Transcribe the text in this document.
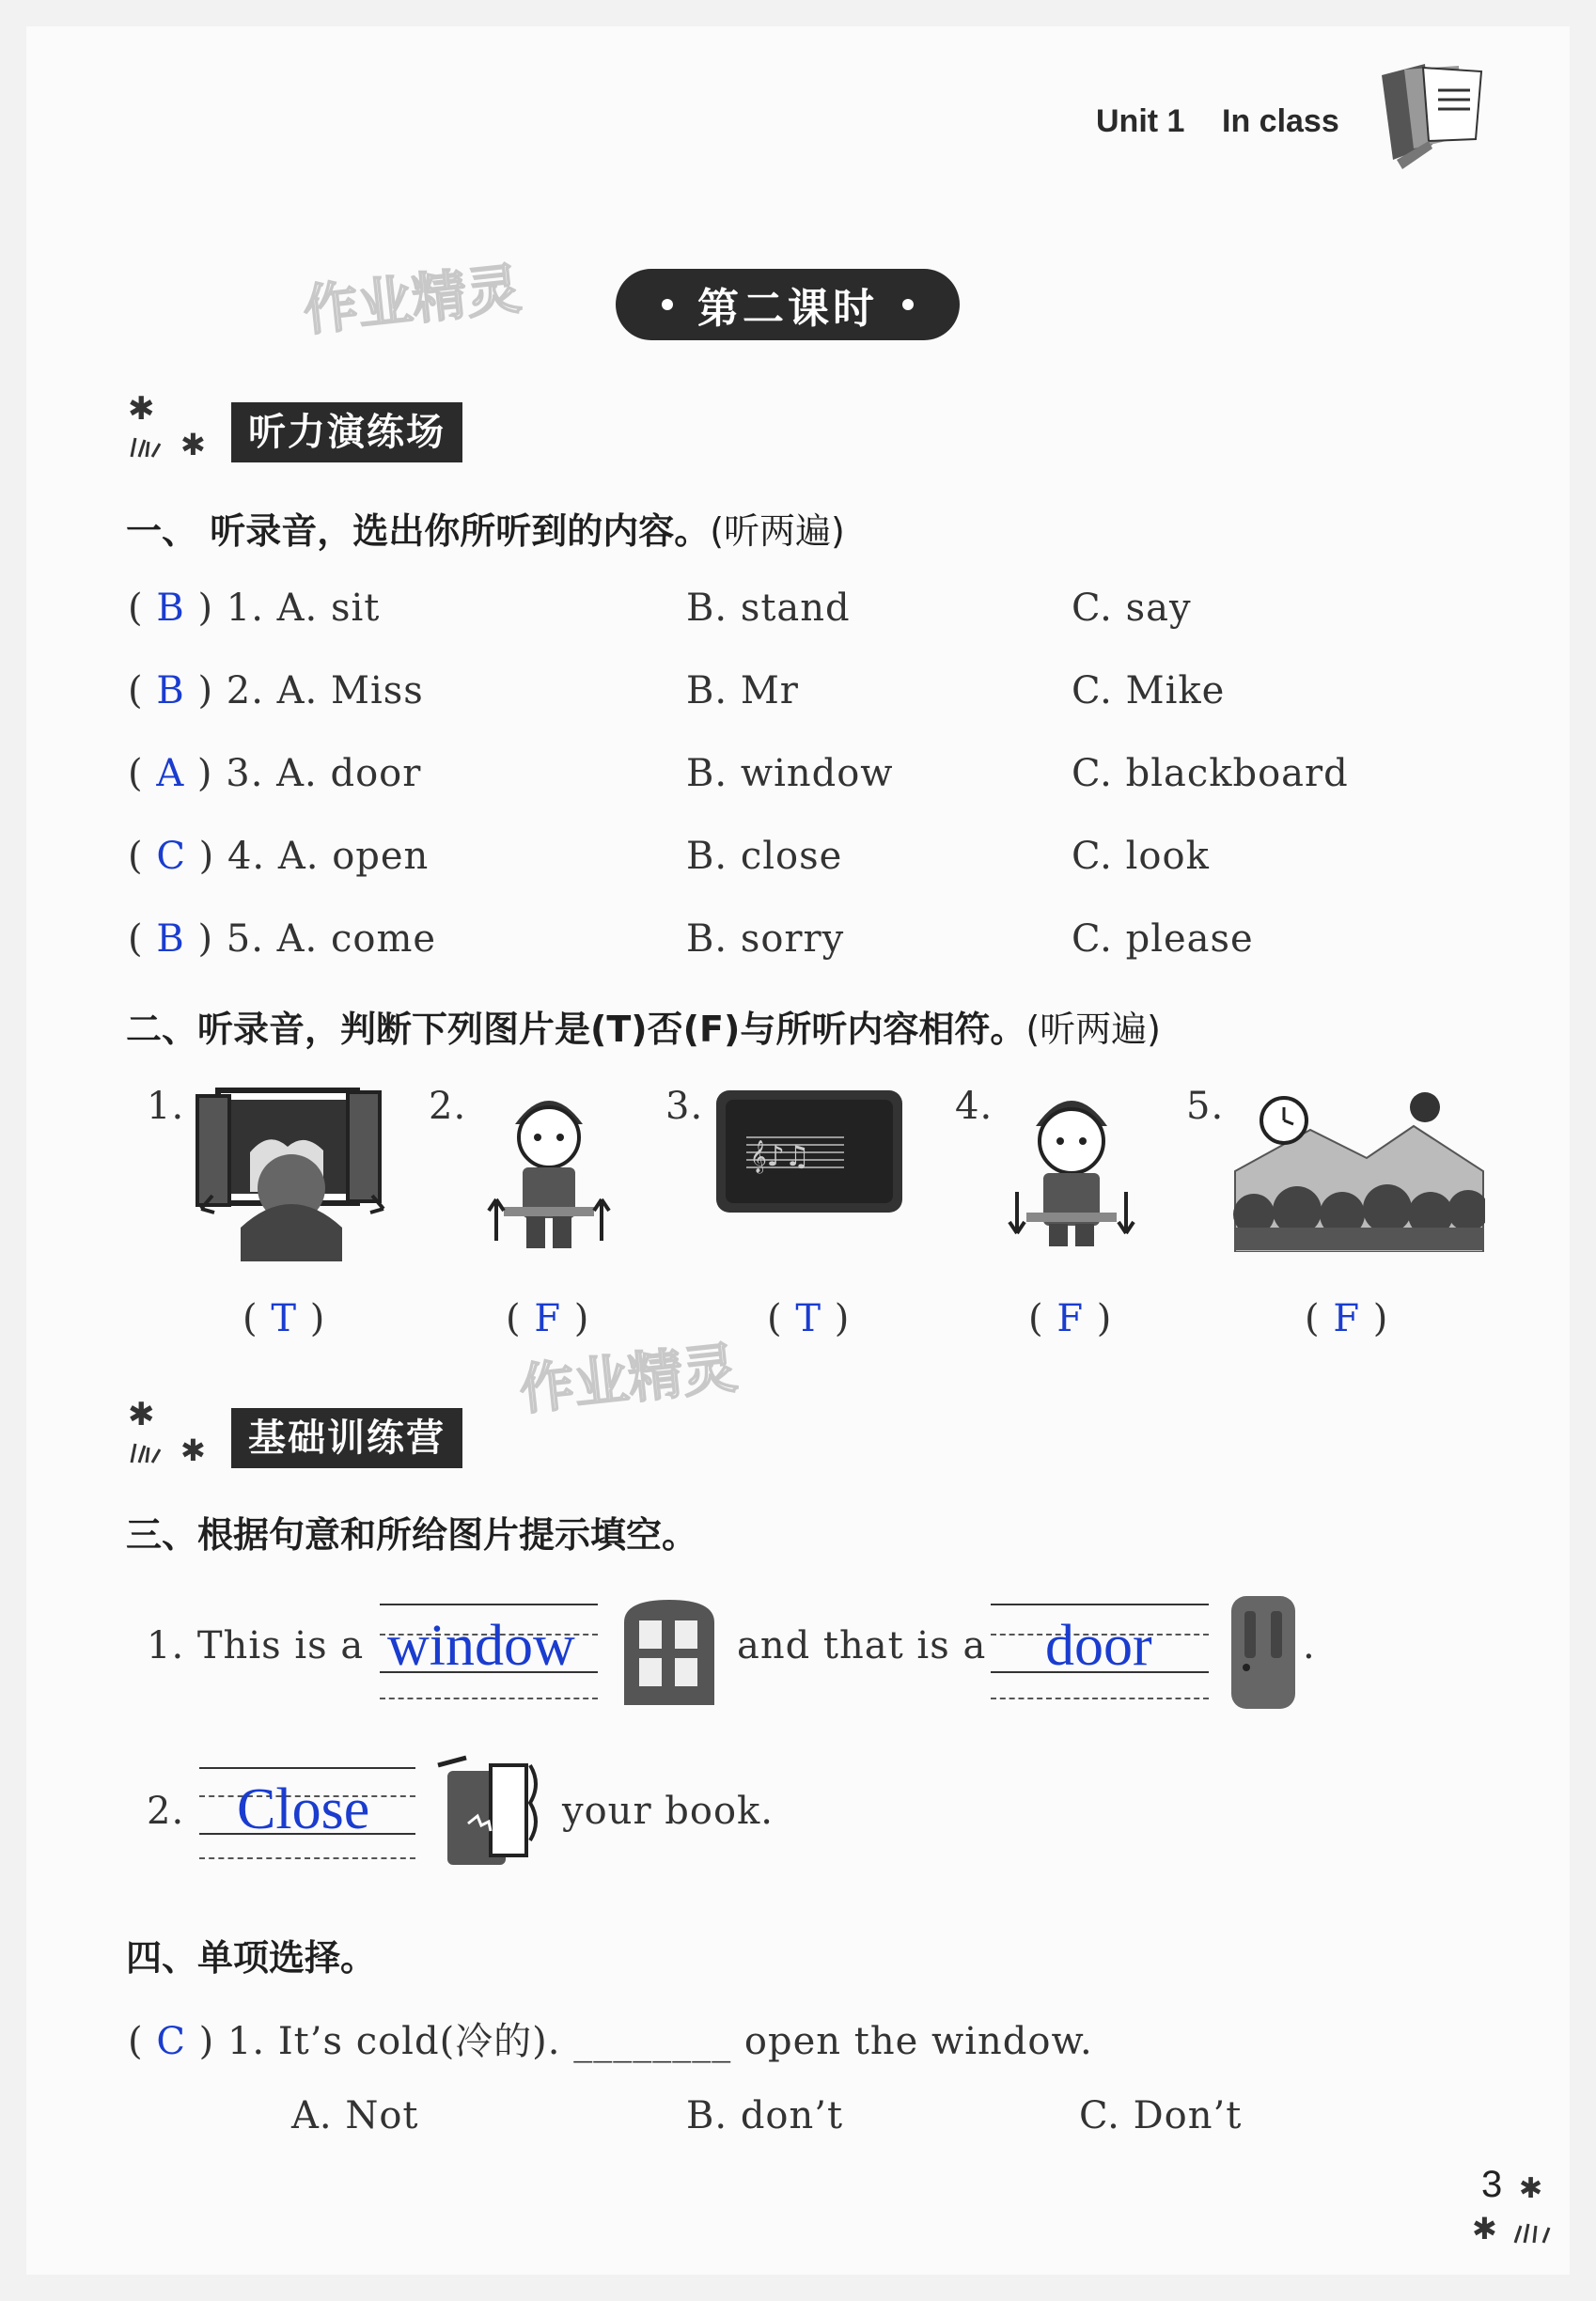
Unit 1 In class
作业精灵	第二课时
✱
✱	听力演练场
一、 听录音，选出你所听到的内容。(听两遍)
( B ) 1. A. sit	B. stand	C. say
( B ) 2. A. Miss	B. Mr	C. Mike
( A ) 3. A. door	B. window	C. blackboard
( C ) 4. A. open	B. close	C. look
( B ) 5. A. come	B. sorry	C. please
二、听录音，判断下列图片是(T)否(F)与所听内容相符。(听两遍)
1.	2.	3.
𝄞♪♫
4.	5.
( T )	( F )	( T )	( F )	( F )
作业精灵
✱
✱	基础训练营
三、根据句意和所给图片提示填空。
1. This is a window	and that is a door	.
2. Close	your book.
四、单项选择。
( C ) 1. It’s cold(冷的). ________ open the window.
A. Not	B. don’t	C. Don’t
3 ✱
✱
